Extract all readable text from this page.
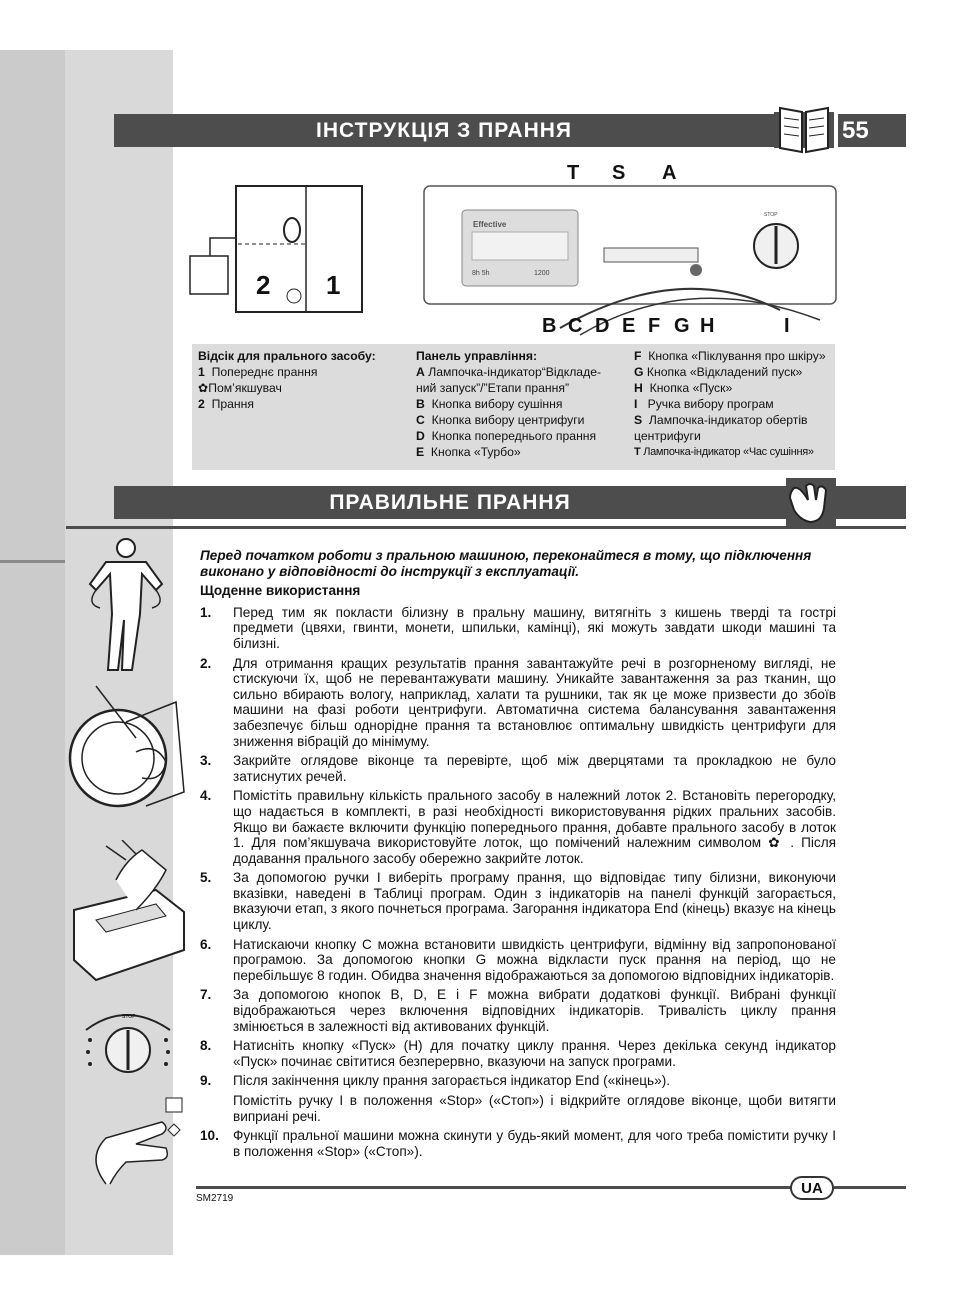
ІНСТРУКЦІЯ З ПРАННЯ	55
2 1
Effective
8h 5h	1200
STOP
T S A
B C D E F G H	I
Відсік для прального засобу:
1 Попереднє прання
✿Пом’якшувач
2 Прання
Панель управління:
A Лампочка-індикатор“Відкладе-
ний запуск”/”Етапи прання”
B Кнопка вибору сушіння
C Кнопка вибору центрифуги
D Кнопка попереднього прання
E Кнопка «Турбо»
F Кнопка «Піклування про шкіру»
G Кнопка «Відкладений пуск»
H Кнопка «Пуск»
I Ручка вибору програм
S Лампочка-індикатор обертів
центрифуги
T Лампочка-індикатор «Час сушіння»
ПРАВИЛЬНЕ ПРАННЯ
STOP

Перед початком роботи з пральною машиною, переконайтеся в тому, що підключення виконано у відповідності до інструкції з експлуатації.

Щоденне використання

1.	Перед тим як покласти білизну в пральну машину, витягніть з кишень тверді та гострі предмети (цвяхи, гвинти, монети, шпильки, камінці), які можуть завдати шкоди машині та білизні.
2.	Для отримання кращих результатів прання завантажуйте речі в розгорненому вигляді, не стискуючи їх, щоб не перевантажувати машину. Уникайте завантаження за раз тканин, що сильно вбирають вологу, наприклад, халати та рушники, так як це може призвести до збоїв машини на фазі роботи центрифуги. Автоматична система балансування завантаження забезпечує більш однорідне прання та встановлює оптимальну швидкість центрифуги для зниження вібрацій до мінімуму.
3.	Закрийте оглядове віконце та перевірте, щоб між дверцятами та прокладкою не було затиснутих речей.
4.	Помістіть правильну кількість прального засобу в належний лоток 2. Встановіть перегородку, що надається в комплекті, в разі необхідності використовування рідких пральних засобів. Якщо ви бажаєте включити функцію попереднього прання, добавте прального засобу в лоток 1. Для пом’якшувача використовуйте лоток, що помічений належним символом ✿ . Після додавання прального засобу обережно закрийте лоток.
5.	За допомогою ручки I виберіть програму прання, що відповідає типу білизни, виконуючи вказівки, наведені в Таблиці програм. Один з індикаторів на панелі функцій загорається, вказуючи етап, з якого почнеться програма. Загорання індикатора End (кінець) вказує на кінець циклу.
6.	Натискаючи кнопку C можна встановити швидкість центрифуги, відмінну від запропонованої програмою. За допомогою кнопки G можна відкласти пуск прання на період, що не перебільшує 8 годин. Обидва значення відображаються за допомогою відповідних індикаторів.
7.	За допомогою кнопок B, D, E і F можна вибрати додаткові функції. Вибрані функції відображаються через включення відповідних індикаторів. Тривалість циклу прання змінюється в залежності від активованих функцій.
8.	Натисніть кнопку «Пуск» (H) для початку циклу прання. Через декілька секунд індикатор «Пуск» починає світитися безперервно, вказуючи на запуск програми.
9.	Після закінчення циклу прання загорається індикатор End («кінець»).
Помістіть ручку I в положення «Stop» («Стоп») і відкрийте оглядове віконце, щоби витягти виприані речі.
10.	Функції пральної машини можна скинути у будь-який момент, для чого треба помістити ручку I в положення «Stop» («Стоп»).
UA
SM2719
